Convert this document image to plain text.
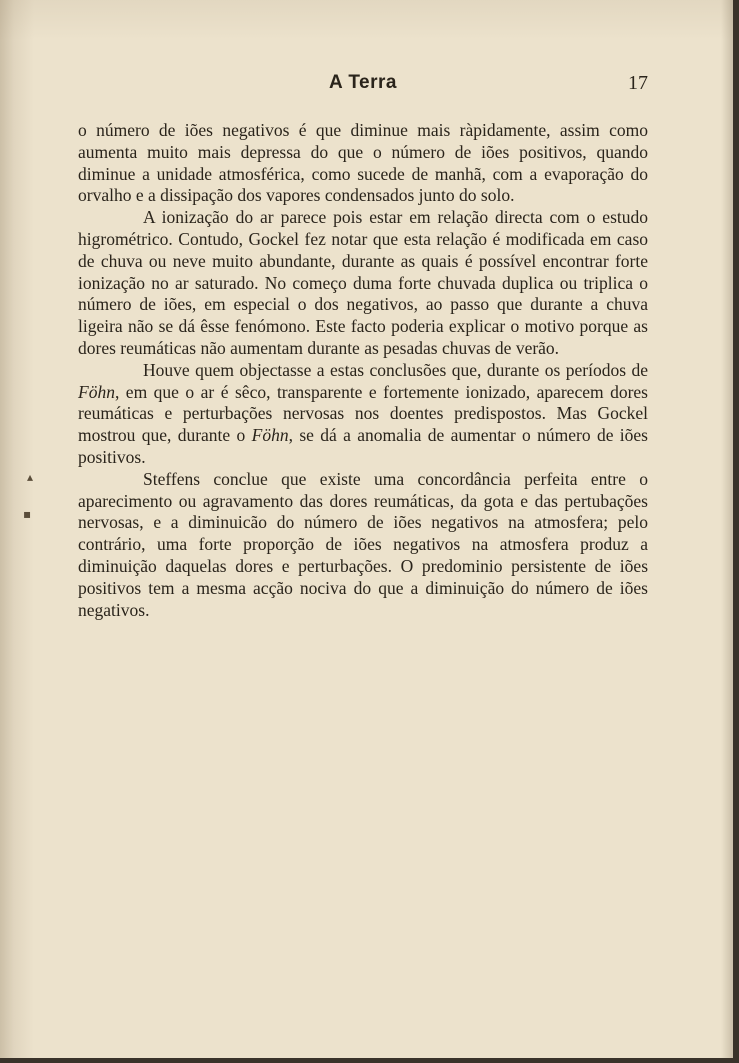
▴
▪
A Terra	17

o número de iões negativos é que diminue mais ràpidamente, assim como aumenta muito mais depressa do que o número de iões positivos, quando diminue a unidade atmosférica, como sucede de manhã, com a evaporação do orvalho e a dissipação dos vapores condensados junto do solo.

A ionização do ar parece pois estar em relação directa com o estudo higrométrico. Contudo, Gockel fez notar que esta relação é modificada em caso de chuva ou neve muito abundante, durante as quais é possível encontrar forte ionização no ar saturado. No começo duma forte chuvada duplica ou triplica o número de iões, em especial o dos negativos, ao passo que durante a chuva ligeira não se dá êsse fenómono. Este facto poderia explicar o motivo porque as dores reumáticas não aumentam durante as pesadas chuvas de verão.

Houve quem objectasse a estas conclusões que, durante os períodos de Föhn, em que o ar é sêco, transparente e fortemente ionizado, aparecem dores reumáticas e perturbações nervosas nos doentes predispostos. Mas Gockel mostrou que, durante o Föhn, se dá a anomalia de aumentar o número de iões positivos.

Steffens conclue que existe uma concordância perfeita entre o aparecimento ou agravamento das dores reumáticas, da gota e das pertubações nervosas, e a diminuicão do número de iões negativos na atmosfera; pelo contrário, uma forte proporção de iões negativos na atmosfera produz a diminuição daquelas dores e perturbações. O predominio persistente de iões positivos tem a mesma acção nociva do que a diminuição do número de iões negativos.
